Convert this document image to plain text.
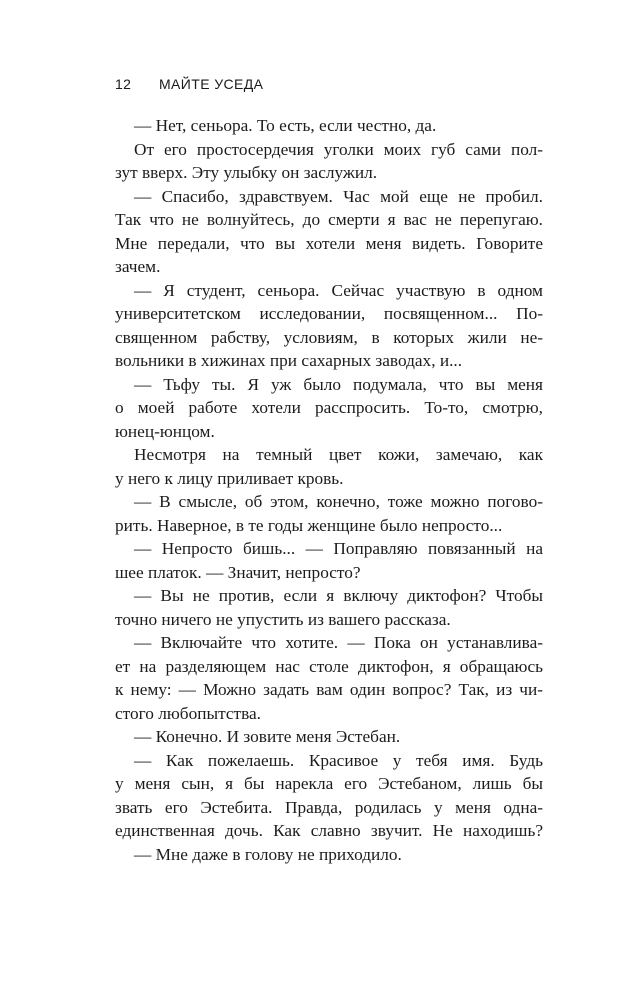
12 МАЙТЕ УСЕДА
— Нет, сеньора. То есть, если честно, да.
От его простосердечия уголки моих губ сами пол-
зут вверх. Эту улыбку он заслужил.
— Спасибо, здравствуем. Час мой еще не пробил.
Так что не волнуйтесь, до смерти я вас не перепугаю.
Мне передали, что вы хотели меня видеть. Говорите
зачем.
— Я студент, сеньора. Сейчас участвую в одном
университетском исследовании, посвященном... По-
священном рабству, условиям, в которых жили не-
вольники в хижинах при сахарных заводах, и...
— Тьфу ты. Я уж было подумала, что вы меня
о моей работе хотели расспросить. То-то, смотрю,
юнец-юнцом.
Несмотря на темный цвет кожи, замечаю, как
у него к лицу приливает кровь.
— В смысле, об этом, конечно, тоже можно погово-
рить. Наверное, в те годы женщине было непросто...
— Непросто бишь... — Поправляю повязанный на
шее платок. — Значит, непросто?
— Вы не против, если я включу диктофон? Чтобы
точно ничего не упустить из вашего рассказа.
— Включайте что хотите. — Пока он устанавлива-
ет на разделяющем нас столе диктофон, я обращаюсь
к нему: — Можно задать вам один вопрос? Так, из чи-
стого любопытства.
— Конечно. И зовите меня Эстебан.
— Как пожелаешь. Красивое у тебя имя. Будь
у меня сын, я бы нарекла его Эстебаном, лишь бы
звать его Эстебита. Правда, родилась у меня одна-
единственная дочь. Как славно звучит. Не находишь?
— Мне даже в голову не приходило.
